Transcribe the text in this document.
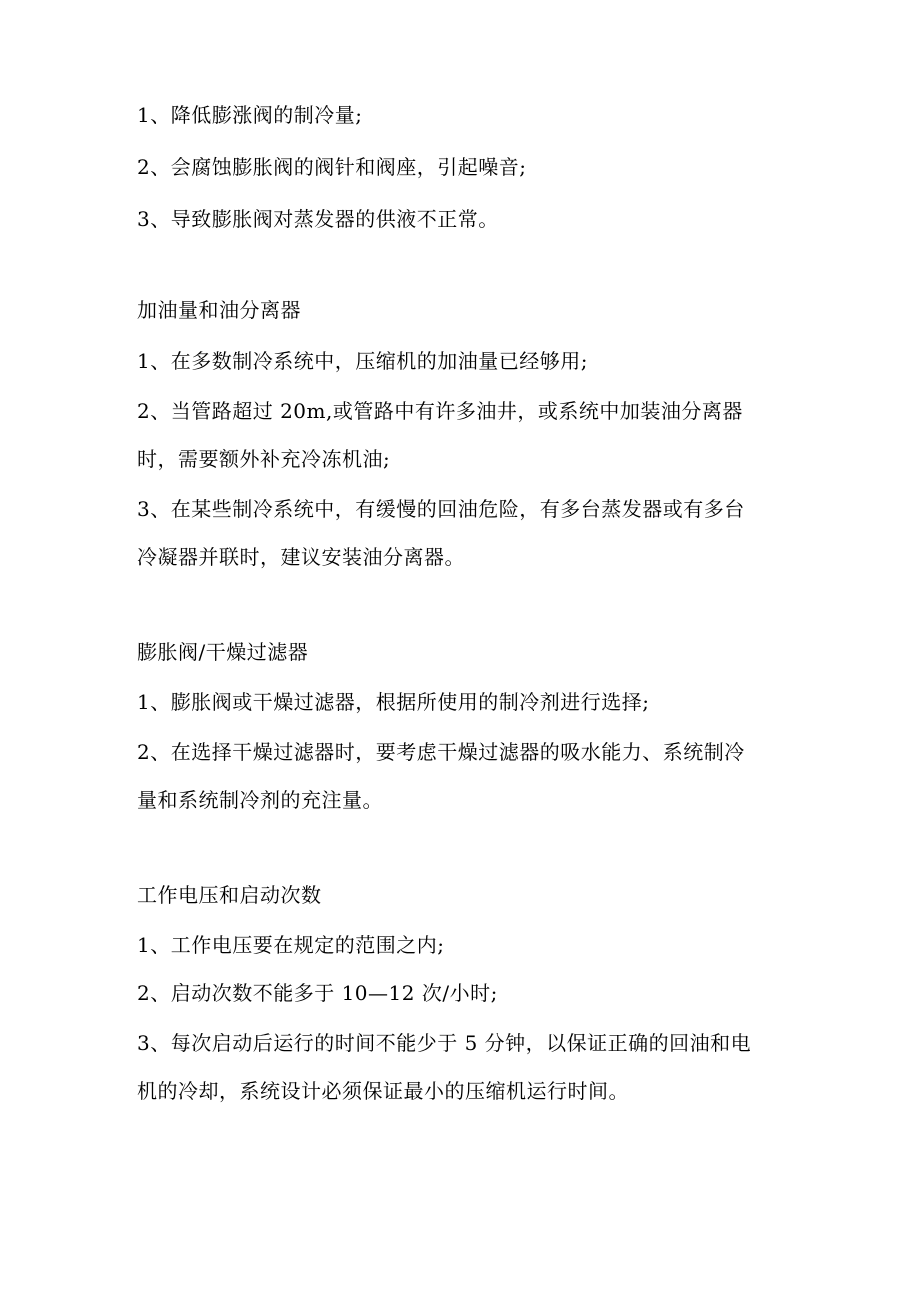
1、降低膨涨阀的制冷量;
2、会腐蚀膨胀阀的阀针和阀座，引起噪音;
3、导致膨胀阀对蒸发器的供液不正常。
加油量和油分离器
1、在多数制冷系统中，压缩机的加油量已经够用;
2、当管路超过 20m,或管路中有许多油井，或系统中加装油分离器
时，需要额外补充冷冻机油;
3、在某些制冷系统中，有缓慢的回油危险，有多台蒸发器或有多台
冷凝器并联时，建议安装油分离器。
膨胀阀/干燥过滤器
1、膨胀阀或干燥过滤器，根据所使用的制冷剂进行选择;
2、在选择干燥过滤器时，要考虑干燥过滤器的吸水能力、系统制冷
量和系统制冷剂的充注量。
工作电压和启动次数
1、工作电压要在规定的范围之内;
2、启动次数不能多于 10—12 次/小时;
3、每次启动后运行的时间不能少于 5 分钟，以保证正确的回油和电
机的冷却，系统设计必须保证最小的压缩机运行时间。
